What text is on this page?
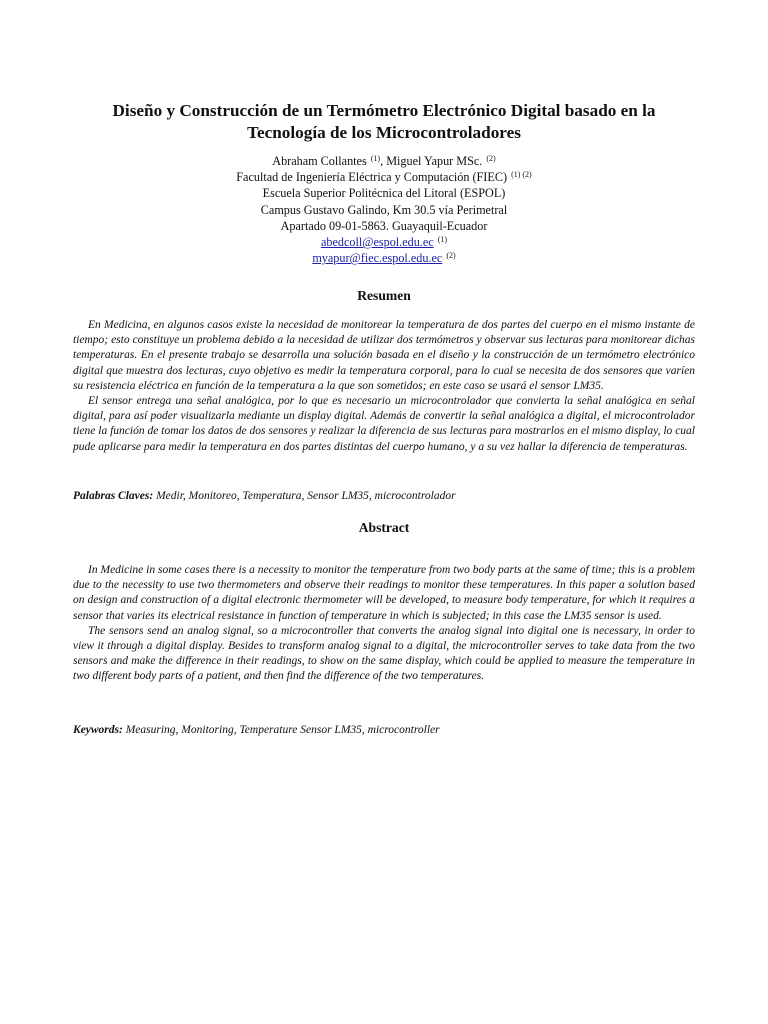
Diseño y Construcción de un Termómetro Electrónico Digital basado en la
Tecnología de los Microcontroladores
Abraham Collantes $^{(1)}$, Miguel Yapur MSc. $^{(2)}$
Facultad de Ingeniería Eléctrica y Computación (FIEC) $^{(1) (2)}$
Escuela Superior Politécnica del Litoral (ESPOL)
Campus Gustavo Galindo, Km 30.5 vía Perimetral
Apartado 09-01-5863. Guayaquil-Ecuador
abedcoll@espol.edu.ec $^{(1)}$
myapur@fiec.espol.edu.ec $^{(2)}$
Resumen

En Medicina, en algunos casos existe la necesidad de monitorear la temperatura de dos partes del cuerpo en el mismo instante de tiempo; esto constituye un problema debido a la necesidad de utilizar dos termómetros y observar sus lecturas para monitorear dichas temperaturas. En el presente trabajo se desarrolla una solución basada en el diseño y la construcción de un termómetro electrónico digital que muestra dos lecturas, cuyo objetivo es medir la temperatura corporal, para lo cual se necesita de dos sensores que varíen su resistencia eléctrica en función de la temperatura a la que son sometidos; en este caso se usará el sensor LM35.

El sensor entrega una señal analógica, por lo que es necesario un microcontrolador que convierta la señal analógica en señal digital, para así poder visualizarla mediante un display digital. Además de convertir la señal analógica a digital, el microcontrolador tiene la función de tomar los datos de dos sensores y realizar la diferencia de sus lecturas para mostrarlos en el mismo display, lo cual pude aplicarse para medir la temperatura en dos partes distintas del cuerpo humano, y a su vez hallar la diferencia de temperaturas.

Palabras Claves: Medir, Monitoreo, Temperatura, Sensor LM35, microcontrolador
Abstract

In Medicine in some cases there is a necessity to monitor the temperature from two body parts at the same of time; this is a problem due to the necessity to use two thermometers and observe their readings to monitor these temperatures. In this paper a solution based on design and construction of a digital electronic thermometer will be developed, to measure body temperature, for which it requires a sensor that varies its electrical resistance in function of temperature in which is subjected; in this case the LM35 sensor is used.

The sensors send an analog signal, so a microcontroller that converts the analog signal into digital one is necessary, in order to view it through a digital display. Besides to transform analog signal to a digital, the microcontroller serves to take data from the two sensors and make the difference in their readings, to show on the same display, which could be applied to measure the temperature in two different body parts of a patient, and then find the difference of the two temperatures.

Keywords: Measuring, Monitoring, Temperature Sensor LM35, microcontroller
